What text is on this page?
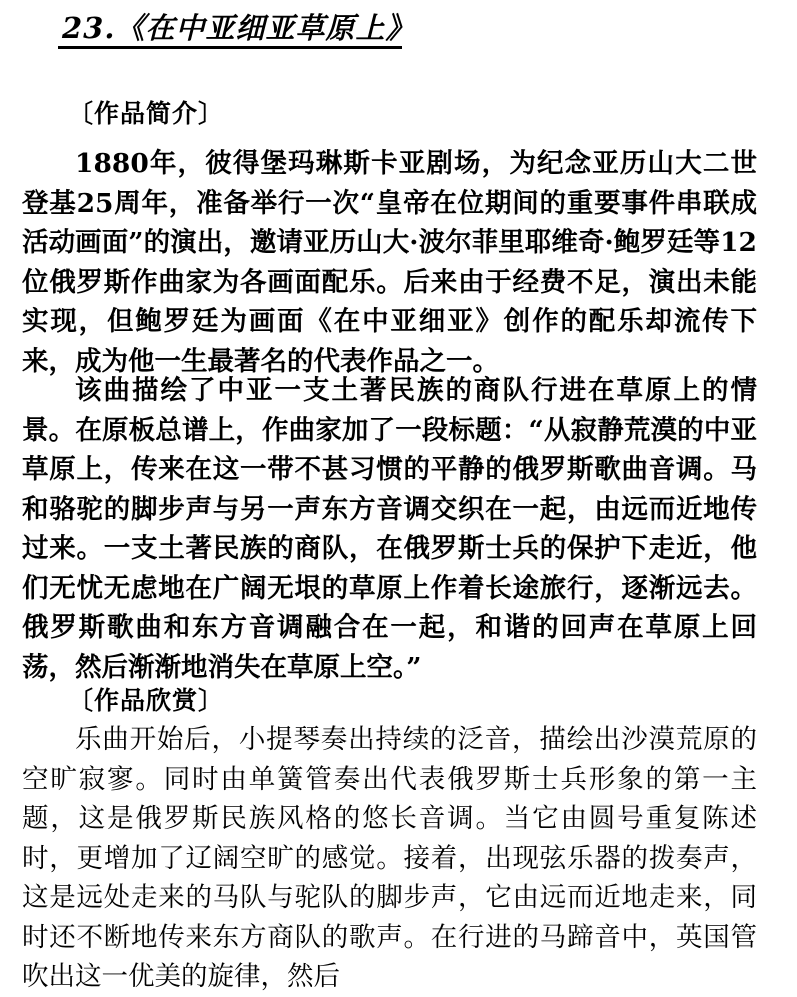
23.《在中亚细亚草原上》
〔作品简介〕
1880年，彼得堡玛琳斯卡亚剧场，为纪念亚历山大二世登基25周年，准备举行一次“皇帝在位期间的重要事件串联成活动画面”的演出，邀请亚历山大·波尔菲里耶维奇·鲍罗廷等12位俄罗斯作曲家为各画面配乐。后来由于经费不足，演出未能实现，但鲍罗廷为画面《在中亚细亚》创作的配乐却流传下来，成为他一生最著名的代表作品之一。
该曲描绘了中亚一支土著民族的商队行进在草原上的情景。在原板总谱上，作曲家加了一段标题：“从寂静荒漠的中亚草原上，传来在这一带不甚习惯的平静的俄罗斯歌曲音调。马和骆驼的脚步声与另一声东方音调交织在一起，由远而近地传过来。一支土著民族的商队，在俄罗斯士兵的保护下走近，他们无忧无虑地在广阔无垠的草原上作着长途旅行，逐渐远去。俄罗斯歌曲和东方音调融合在一起，和谐的回声在草原上回荡，然后渐渐地消失在草原上空。”
〔作品欣赏〕
乐曲开始后，小提琴奏出持续的泛音，描绘出沙漠荒原的空旷寂寥。同时由单簧管奏出代表俄罗斯士兵形象的第一主题，这是俄罗斯民族风格的悠长音调。当它由圆号重复陈述时，更增加了辽阔空旷的感觉。接着，出现弦乐器的拨奏声，这是远处走来的马队与驼队的脚步声，它由远而近地走来，同时还不断地传来东方商队的歌声。在行进的马蹄音中，英国管吹出这一优美的旋律，然后
